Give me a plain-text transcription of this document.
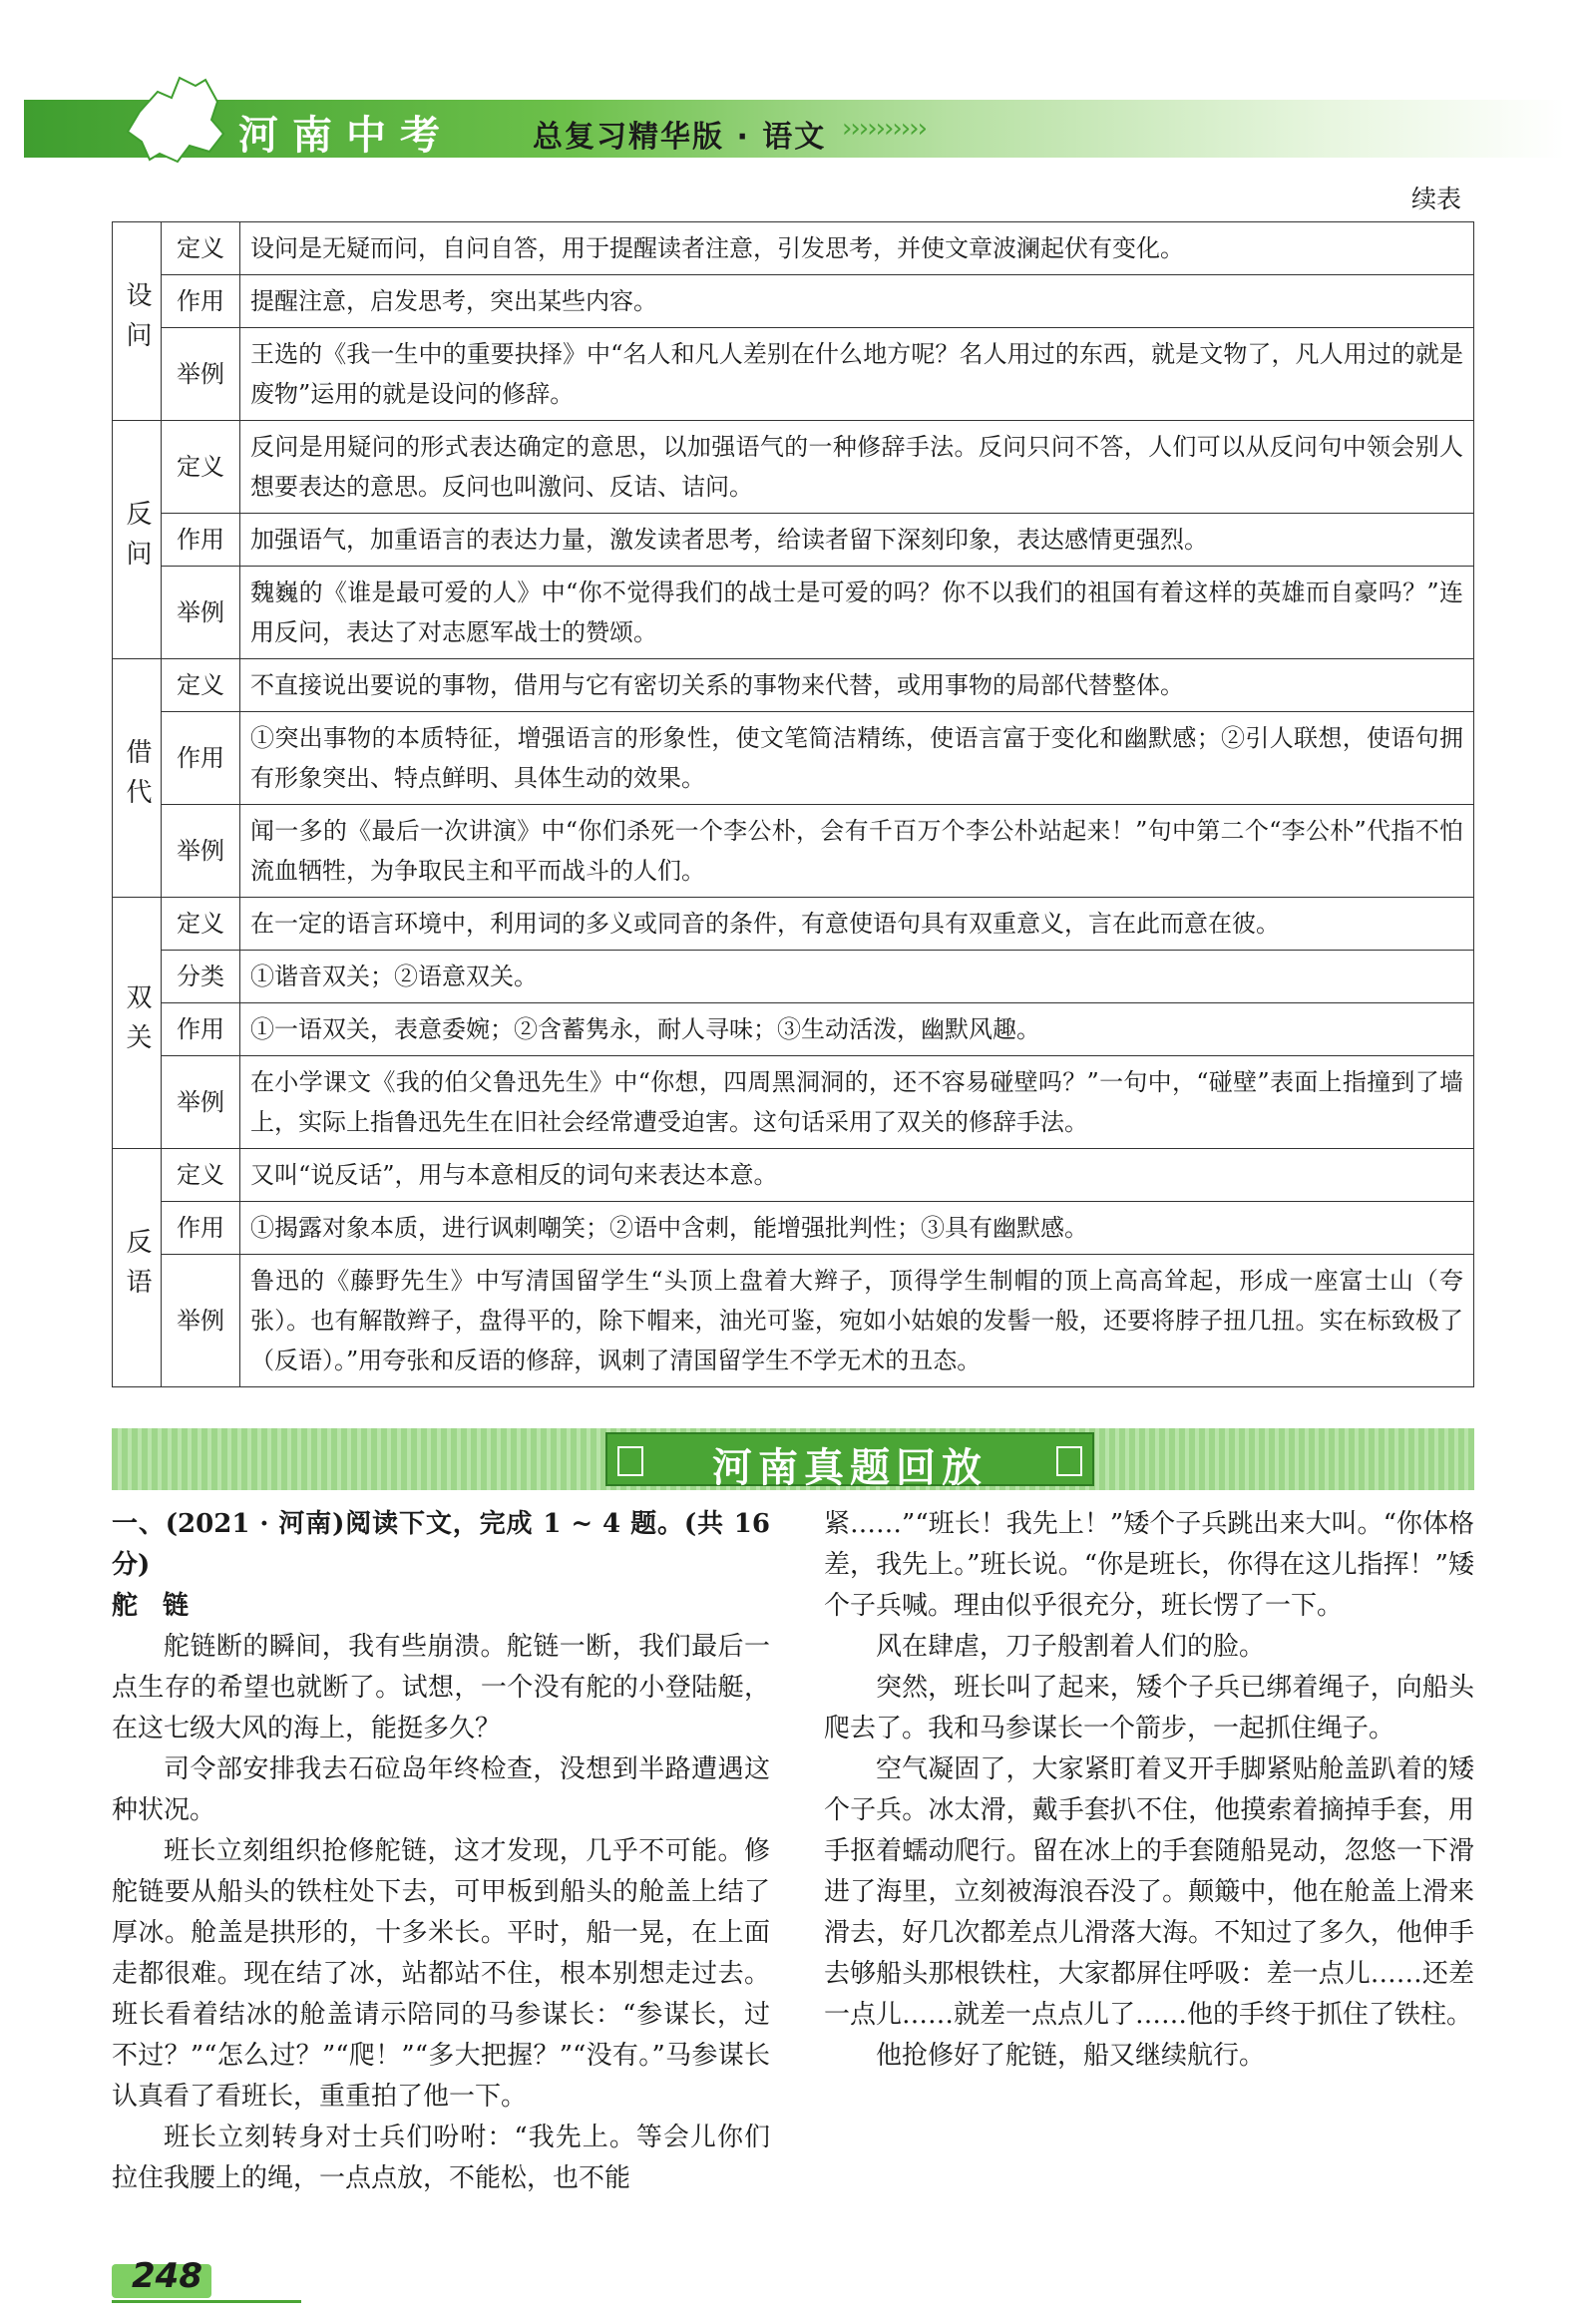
河南中考	总复习精华版 · 语文 ››››››››››
续表
设问	定义	设问是无疑而问，自问自答，用于提醒读者注意，引发思考，并使文章波澜起伏有变化。
	作用	提醒注意，启发思考，突出某些内容。
	举例	王选的《我一生中的重要抉择》中“名人和凡人差别在什么地方呢？名人用过的东西，就是文物了，凡人用过的就是废物”运用的就是设问的修辞。

反问	定义	反问是用疑问的形式表达确定的意思，以加强语气的一种修辞手法。反问只问不答，人们可以从反问句中领会别人想要表达的意思。反问也叫激问、反诘、诘问。
	作用	加强语气，加重语言的表达力量，激发读者思考，给读者留下深刻印象，表达感情更强烈。
	举例	魏巍的《谁是最可爱的人》中“你不觉得我们的战士是可爱的吗？你不以我们的祖国有着这样的英雄而自豪吗？”连用反问，表达了对志愿军战士的赞颂。

借代	定义	不直接说出要说的事物，借用与它有密切关系的事物来代替，或用事物的局部代替整体。
	作用	①突出事物的本质特征，增强语言的形象性，使文笔简洁精练，使语言富于变化和幽默感；②引人联想，使语句拥有形象突出、特点鲜明、具体生动的效果。
	举例	闻一多的《最后一次讲演》中“你们杀死一个李公朴，会有千百万个李公朴站起来！”句中第二个“李公朴”代指不怕流血牺牲，为争取民主和平而战斗的人们。

双关	定义	在一定的语言环境中，利用词的多义或同音的条件，有意使语句具有双重意义，言在此而意在彼。
	分类	①谐音双关；②语意双关。
	作用	①一语双关，表意委婉；②含蓄隽永，耐人寻味；③生动活泼，幽默风趣。
	举例	在小学课文《我的伯父鲁迅先生》中“你想，四周黑洞洞的，还不容易碰壁吗？”一句中，“碰壁”表面上指撞到了墙上，实际上指鲁迅先生在旧社会经常遭受迫害。这句话采用了双关的修辞手法。

反语	定义	又叫“说反话”，用与本意相反的词句来表达本意。
	作用	①揭露对象本质，进行讽刺嘲笑；②语中含刺，能增强批判性；③具有幽默感。
	举例	鲁迅的《藤野先生》中写清国留学生“头顶上盘着大辫子，顶得学生制帽的顶上高高耸起，形成一座富士山（夸张）。也有解散辫子，盘得平的，除下帽来，油光可鉴，宛如小姑娘的发髻一般，还要将脖子扭几扭。实在标致极了（反语）。”用夸张和反语的修辞，讽刺了清国留学生不学无术的丑态。
河南真题回放

一、(2021 · 河南)阅读下文，完成 1 ~ 4 题。(共 16 分)

舵 链

舵链断的瞬间，我有些崩溃。舵链一断，我们最后一点生存的希望也就断了。试想，一个没有舵的小登陆艇，在这七级大风的海上，能挺多久？

司令部安排我去石砬岛年终检查，没想到半路遭遇这种状况。

班长立刻组织抢修舵链，这才发现，几乎不可能。修舵链要从船头的铁柱处下去，可甲板到船头的舱盖上结了厚冰。舱盖是拱形的，十多米长。平时，船一晃，在上面走都很难。现在结了冰，站都站不住，根本别想走过去。班长看着结冰的舱盖请示陪同的马参谋长：“参谋长，过不过？”“怎么过？”“爬！”“多大把握？”“没有。”马参谋长认真看了看班长，重重拍了他一下。

班长立刻转身对士兵们吩咐：“我先上。等会儿你们拉住我腰上的绳，一点点放，不能松，也不能

紧……”“班长！我先上！”矮个子兵跳出来大叫。“你体格差，我先上。”班长说。“你是班长，你得在这儿指挥！”矮个子兵喊。理由似乎很充分，班长愣了一下。

风在肆虐，刀子般割着人们的脸。

突然，班长叫了起来，矮个子兵已绑着绳子，向船头爬去了。我和马参谋长一个箭步，一起抓住绳子。

空气凝固了，大家紧盯着叉开手脚紧贴舱盖趴着的矮个子兵。冰太滑，戴手套扒不住，他摸索着摘掉手套，用手抠着蠕动爬行。留在冰上的手套随船晃动，忽悠一下滑进了海里，立刻被海浪吞没了。颠簸中，他在舱盖上滑来滑去，好几次都差点儿滑落大海。不知过了多久，他伸手去够船头那根铁柱，大家都屏住呼吸：差一点儿……还差一点儿……就差一点点儿了……他的手终于抓住了铁柱。

他抢修好了舵链，船又继续航行。

248
